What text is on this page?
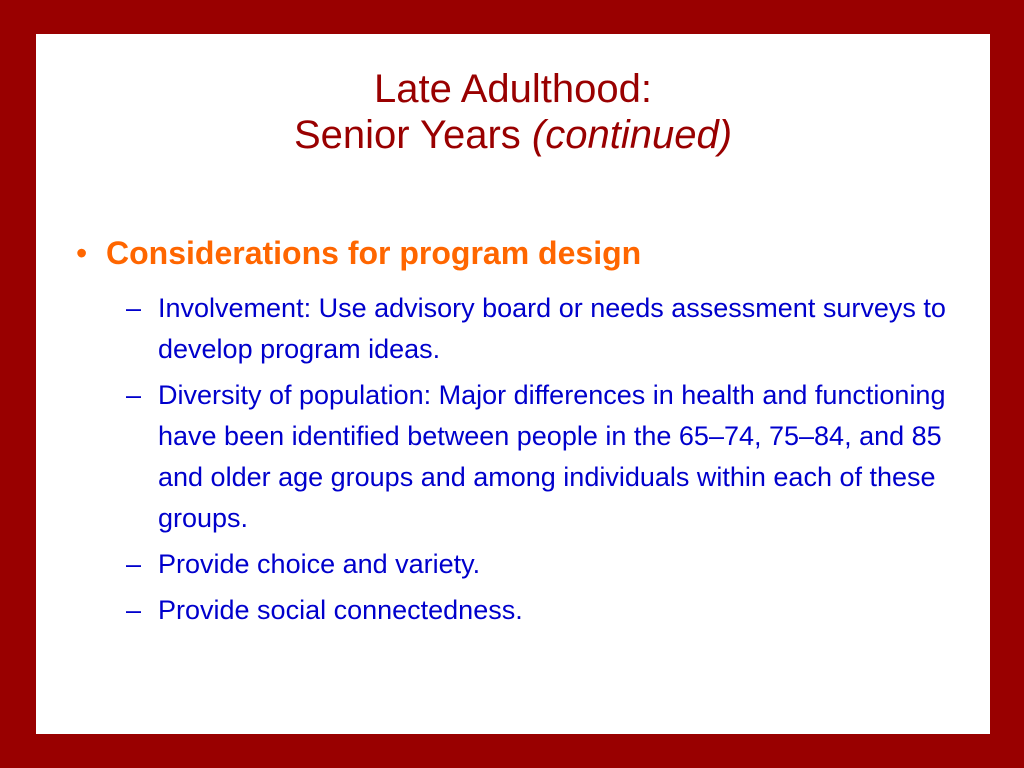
Late Adulthood:
Senior Years (continued)
• Considerations for program design
– Involvement: Use advisory board or needs assessment surveys to develop program ideas.
– Diversity of population: Major differences in health and functioning have been identified between people in the 65–74, 75–84, and 85 and older age groups and among individuals within each of these groups.
– Provide choice and variety.
– Provide social connectedness.
